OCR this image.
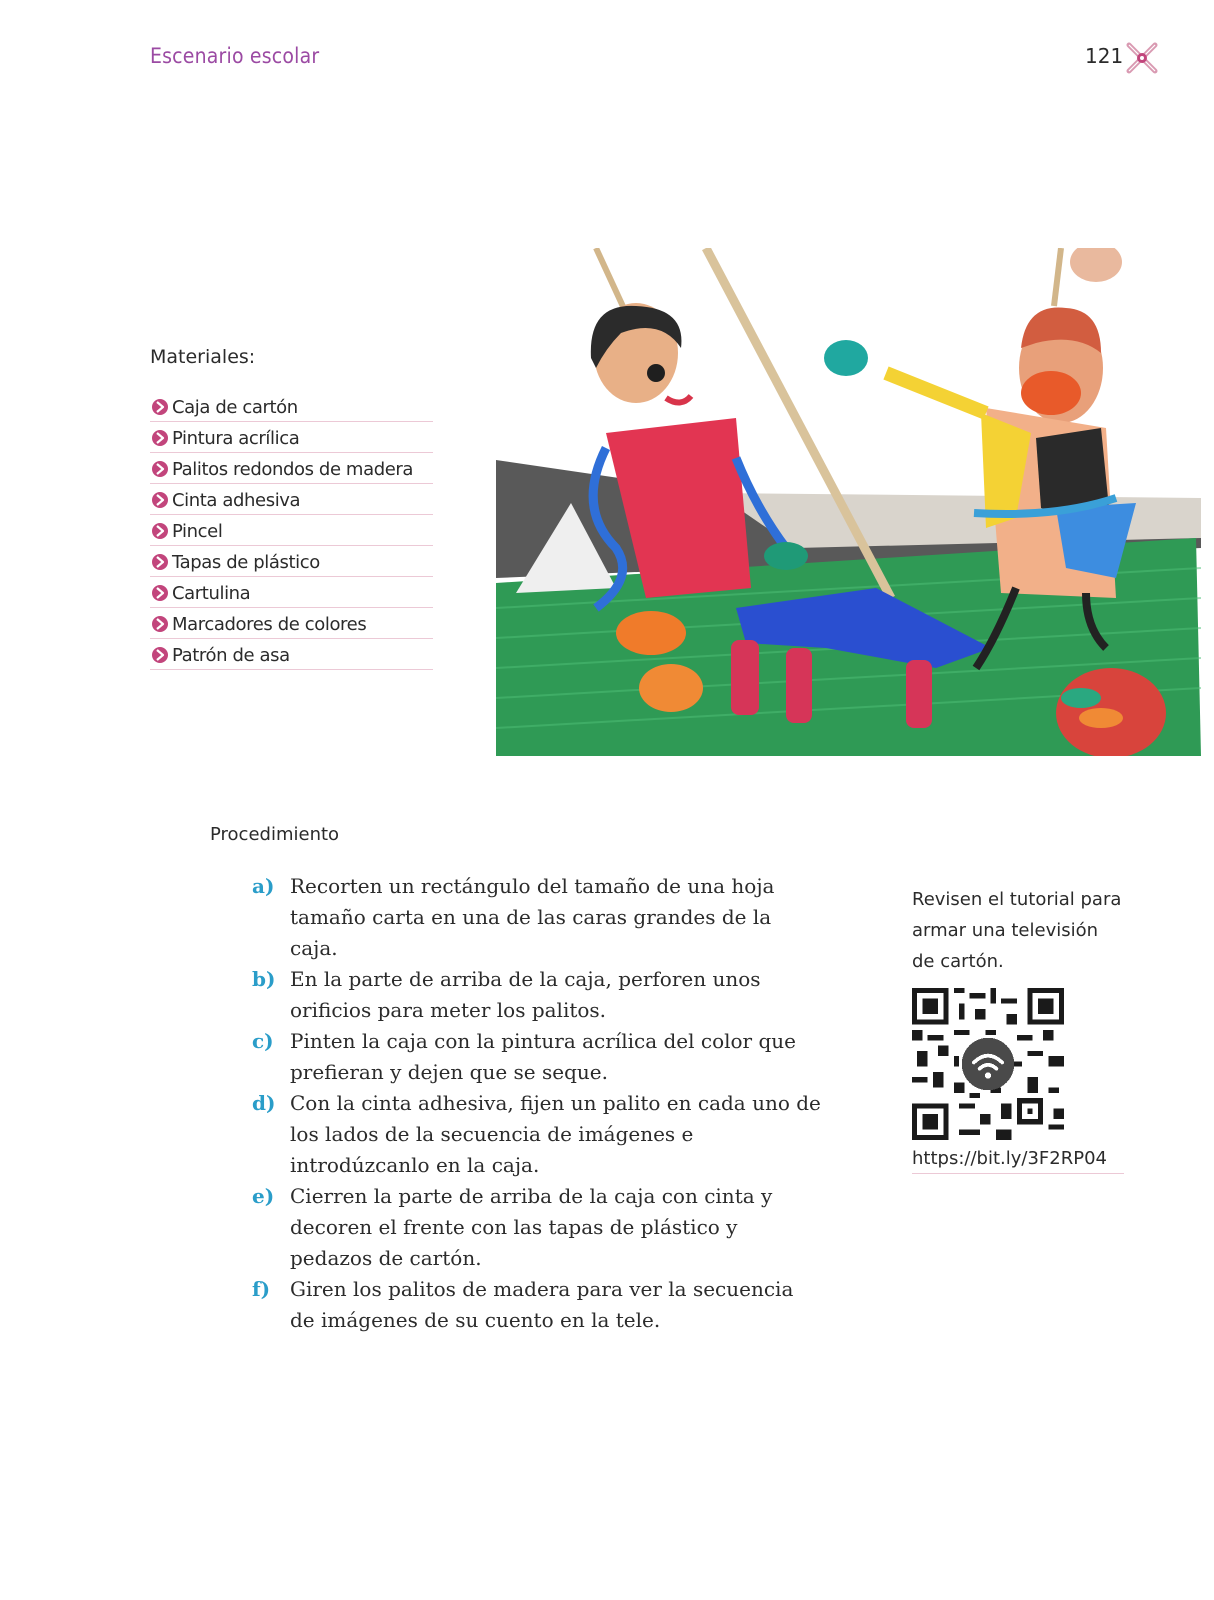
Escenario escolar	121
Materiales:
Caja de cartón
Pintura acrílica
Palitos redondos de madera
Cinta adhesiva
Pincel
Tapas de plástico
Cartulina
Marcadores de colores
Patrón de asa
Procedimiento
a) Recorten un rectángulo del tamaño de una hoja tamaño carta en una de las caras grandes de la caja.
b) En la parte de arriba de la caja, perforen unos orificios para meter los palitos.
c) Pinten la caja con la pintura acrílica del color que prefieran y dejen que se seque.
d) Con la cinta adhesiva, fijen un palito en cada uno de los lados de la secuencia de imágenes e introdúzcanlo en la caja.
e) Cierren la parte de arriba de la caja con cinta y decoren el frente con las tapas de plástico y pedazos de cartón.
f) Giren los palitos de madera para ver la secuencia de imágenes de su cuento en la tele.
Revisen el tutorial para armar una televisión de cartón.
https://bit.ly/3F2RP04
